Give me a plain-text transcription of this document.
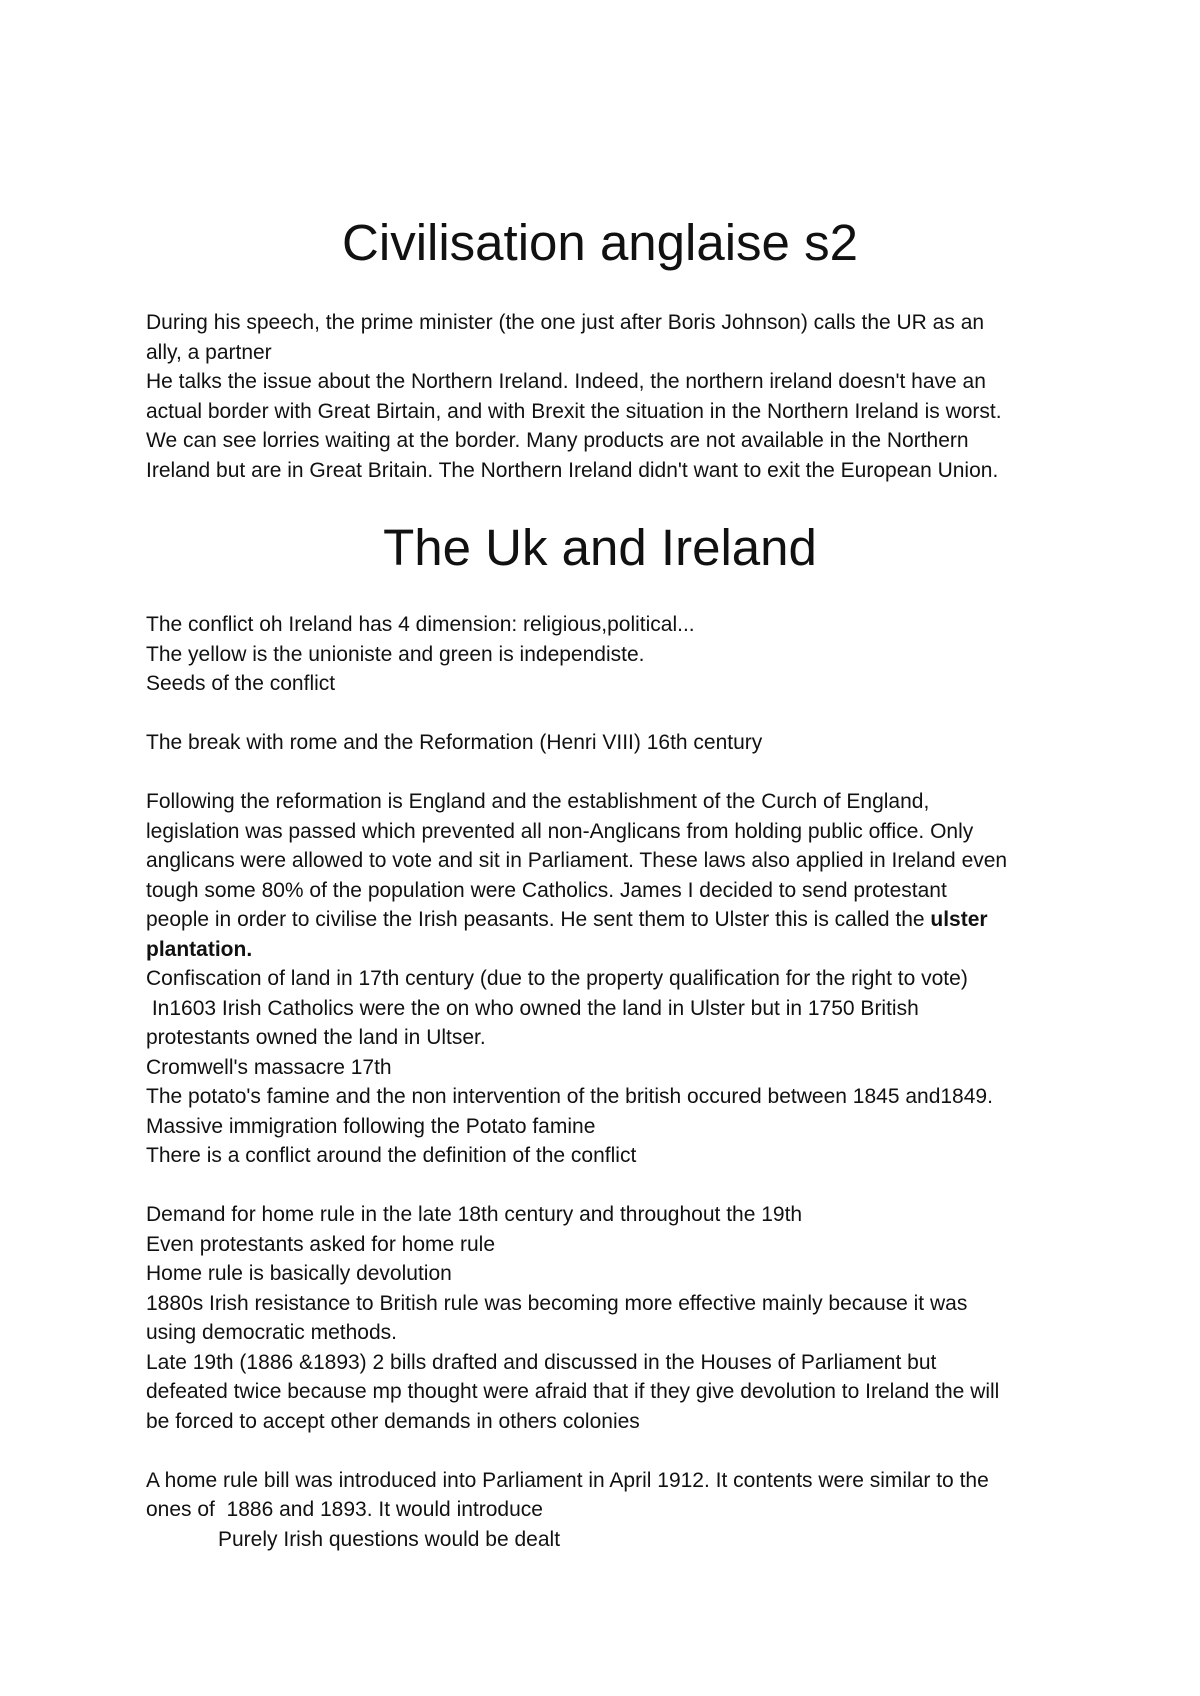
Civilisation anglaise s2
During his speech, the prime minister (the one just after Boris Johnson) calls the UR as an
ally, a partner
He talks the issue about the Northern Ireland. Indeed, the northern ireland doesn't have an
actual border with Great Birtain, and with Brexit the situation in the Northern Ireland is worst.
We can see lorries waiting at the border. Many products are not available in the Northern
Ireland but are in Great Britain. The Northern Ireland didn't want to exit the European Union.
The Uk and Ireland
The conflict oh Ireland has 4 dimension: religious,political...
The yellow is the unioniste and green is independiste.
Seeds of the conflict
The break with rome and the Reformation (Henri VIII) 16th century
Following the reformation is England and the establishment of the Curch of England,
legislation was passed which prevented all non-Anglicans from holding public office. Only
anglicans were allowed to vote and sit in Parliament. These laws also applied in Ireland even
tough some 80% of the population were Catholics. James I decided to send protestant
people in order to civilise the Irish peasants. He sent them to Ulster this is called the ulster
plantation.
Confiscation of land in 17th century (due to the property qualification for the right to vote)
In1603 Irish Catholics were the on who owned the land in Ulster but in 1750 British
protestants owned the land in Ultser.
Cromwell's massacre 17th
The potato's famine and the non intervention of the british occured between 1845 and1849.
Massive immigration following the Potato famine
There is a conflict around the definition of the conflict
Demand for home rule in the late 18th century and throughout the 19th
Even protestants asked for home rule
Home rule is basically devolution
1880s Irish resistance to British rule was becoming more effective mainly because it was
using democratic methods.
Late 19th (1886 &1893) 2 bills drafted and discussed in the Houses of Parliament but
defeated twice because mp thought were afraid that if they give devolution to Ireland the will
be forced to accept other demands in others colonies
A home rule bill was introduced into Parliament in April 1912. It contents were similar to the
ones of  1886 and 1893. It would introduce
Purely Irish questions would be dealt
